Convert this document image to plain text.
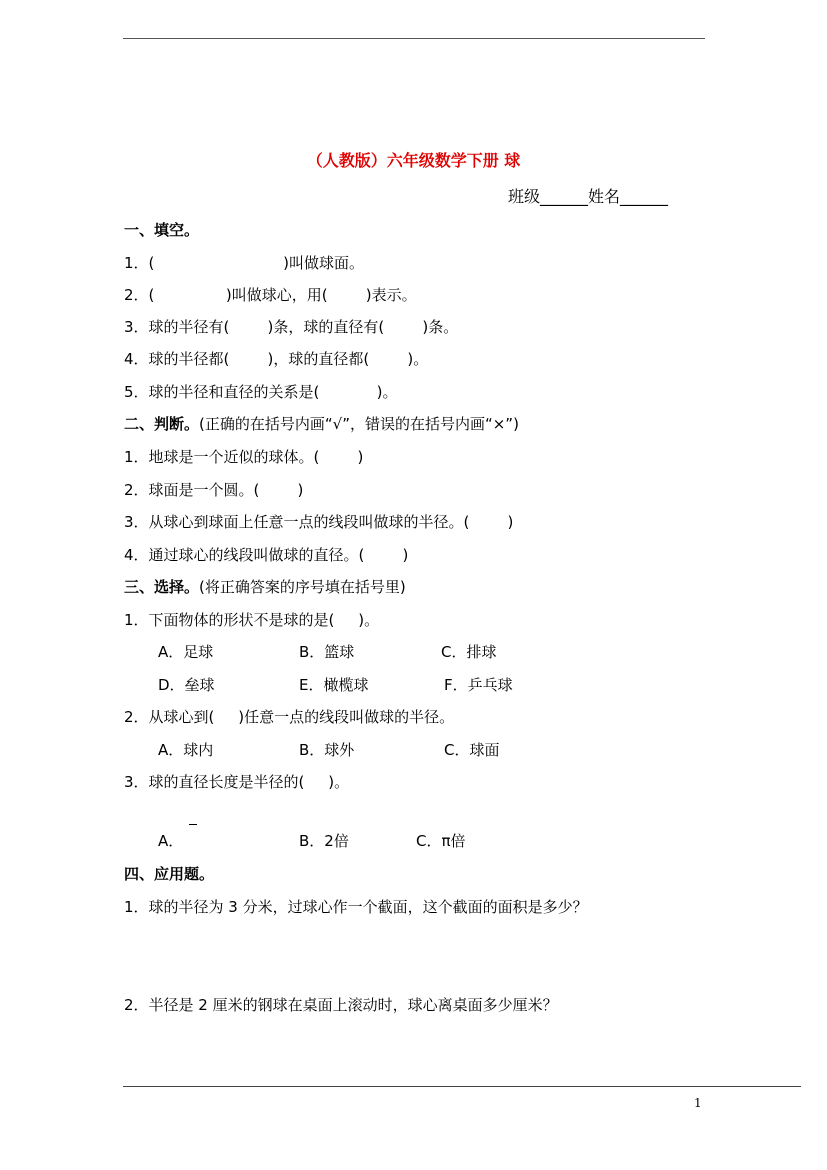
（人教版）六年级数学下册 球
班级______姓名______
一、填空。
1．(                           )叫做球面。
2．(               )叫做球心，用(        )表示。
3．球的半径有(        )条，球的直径有(        )条。
4．球的半径都(        )，球的直径都(        )。
5．球的半径和直径的关系是(            )。
二、判断。(正确的在括号内画“√”，错误的在括号内画“×”)
1．地球是一个近似的球体。(        )
2．球面是一个圆。(        )
3．从球心到球面上任意一点的线段叫做球的半径。(        )
4．通过球心的线段叫做球的直径。(        )
三、选择。(将正确答案的序号填在括号里)
1．下面物体的形状不是球的是(     )。
A．足球	B．篮球	C．排球
D．垒球	E．橄榄球	F．乒乓球
2．从球心到(     )任意一点的线段叫做球的半径。
A．球内	B．球外	C．球面
3．球的直径长度是半径的(     )。
A．	B．2倍	C．π倍
四、应用题。
1．球的半径为 3 分米，过球心作一个截面，这个截面的面积是多少？
2．半径是 2 厘米的钢球在桌面上滚动时，球心离桌面多少厘米？
1
